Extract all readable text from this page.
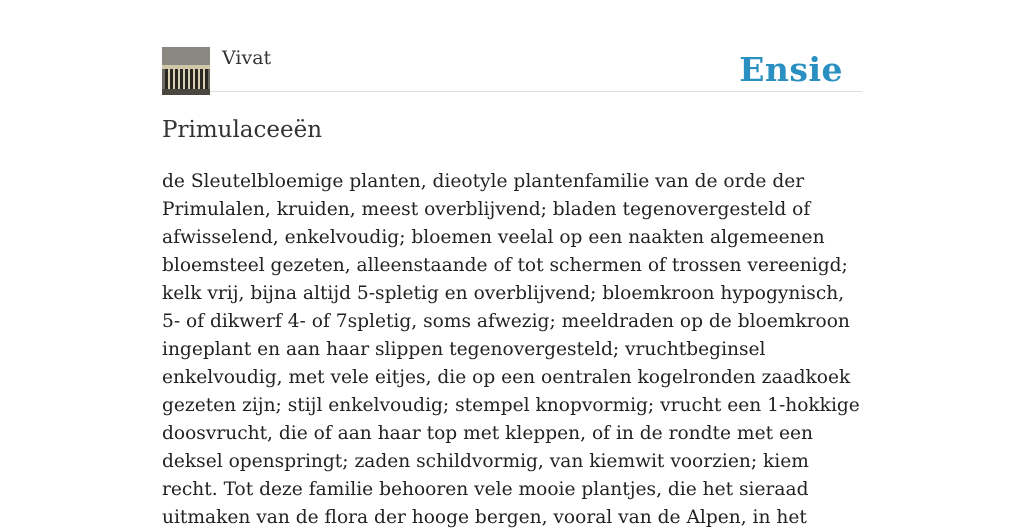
Vivat	Ensie
Primulaceeën

de Sleutelbloemige planten, dieotyle plantenfamilie van de orde der Primulalen, kruiden, meest overblijvend; bladen tegenovergesteld of afwisselend, enkelvoudig; bloemen veelal op een naakten algemeenen bloemsteel gezeten, alleenstaande of tot schermen of trossen vereenigd; kelk vrij, bijna altijd 5-spletig en overblijvend; bloemkroon hypogynisch, 5- of dikwerf 4- of 7spletig, soms afwezig; meeldraden op de bloemkroon ingeplant en aan haar slippen tegenovergesteld; vruchtbeginsel enkelvoudig, met vele eitjes, die op een oentralen kogelronden zaadkoek gezeten zijn; stijl enkelvoudig; stempel knopvormig; vrucht een 1-hokkige doosvrucht, die of aan haar top met kleppen, of in de rondte met een deksel openspringt; zaden schildvormig, van kiemwit voorzien; kiem recht. Tot deze familie behooren vele mooie plantjes, die het sieraad uitmaken van de flora der hooge bergen, vooral van de Alpen, in het
